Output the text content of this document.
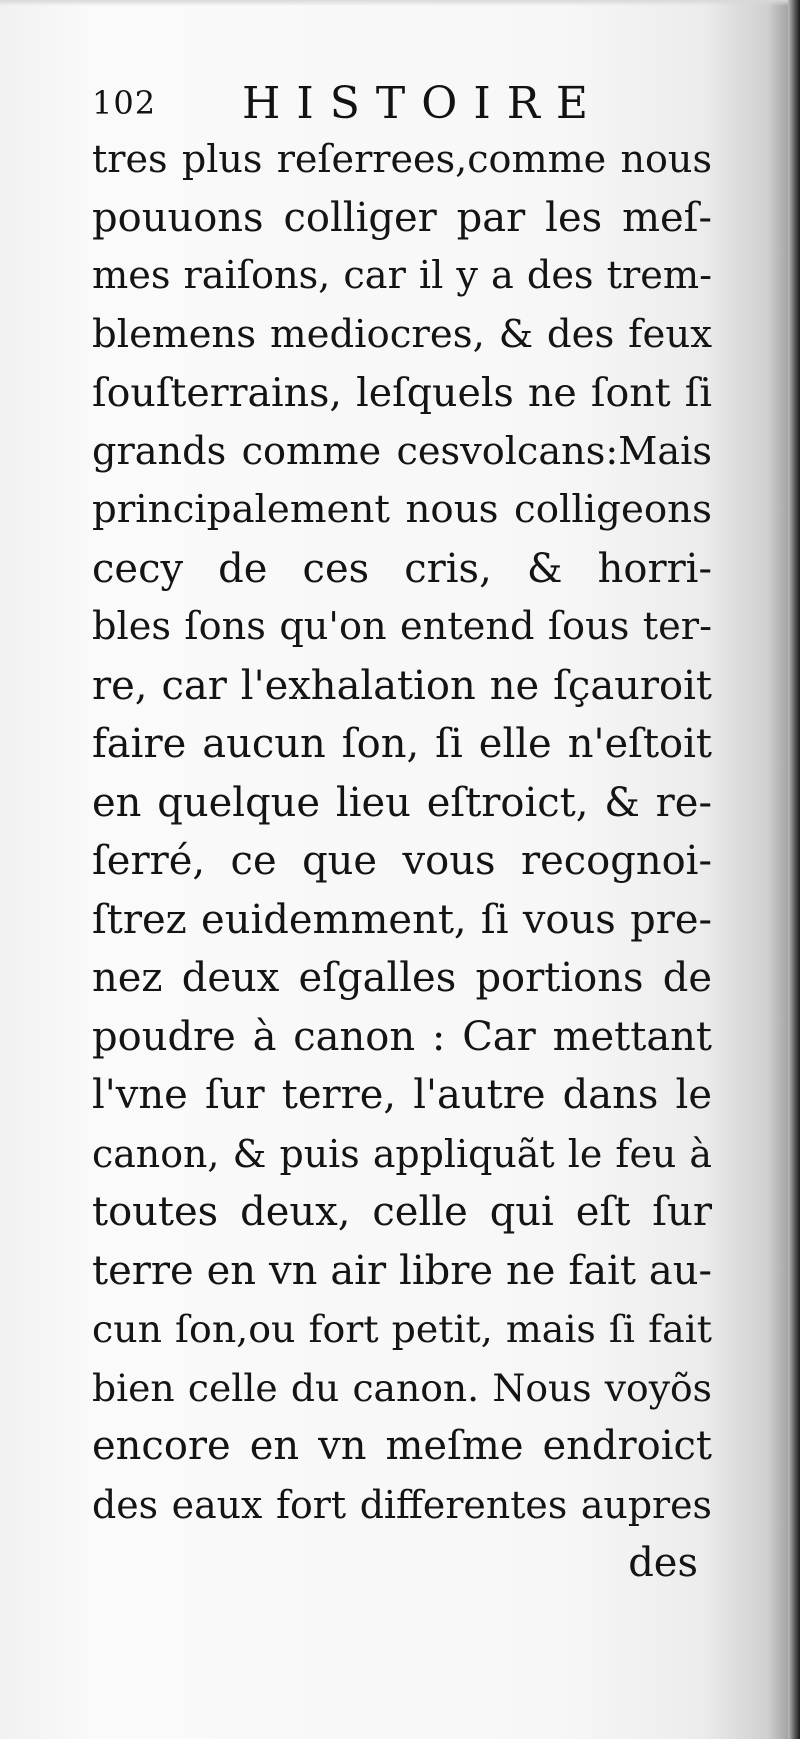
102 HISTOIRE
tres plus reſerrees,comme nous
pouuons colliger par les meſ-
mes raiſons, car il y a des trem-
blemens mediocres, & des feux
ſouſterrains, leſquels ne ſont ſi
grands comme cesvolcans:Mais
principalement nous colligeons
cecy de ces cris, & horri-
bles ſons qu'on entend ſous ter-
re, car l'exhalation ne ſçauroit
faire aucun ſon, ſi elle n'eſtoit
en quelque lieu eſtroict, & re-
ſerré, ce que vous recognoi-
ſtrez euidemment, ſi vous pre-
nez deux eſgalles portions de
poudre à canon : Car mettant
l'vne ſur terre, l'autre dans le
canon, & puis appliquãt le feu à
toutes deux, celle qui eſt ſur
terre en vn air libre ne fait au-
cun ſon,ou fort petit, mais ſi fait
bien celle du canon. Nous voyõs
encore en vn meſme endroict
des eaux fort differentes aupres
des
